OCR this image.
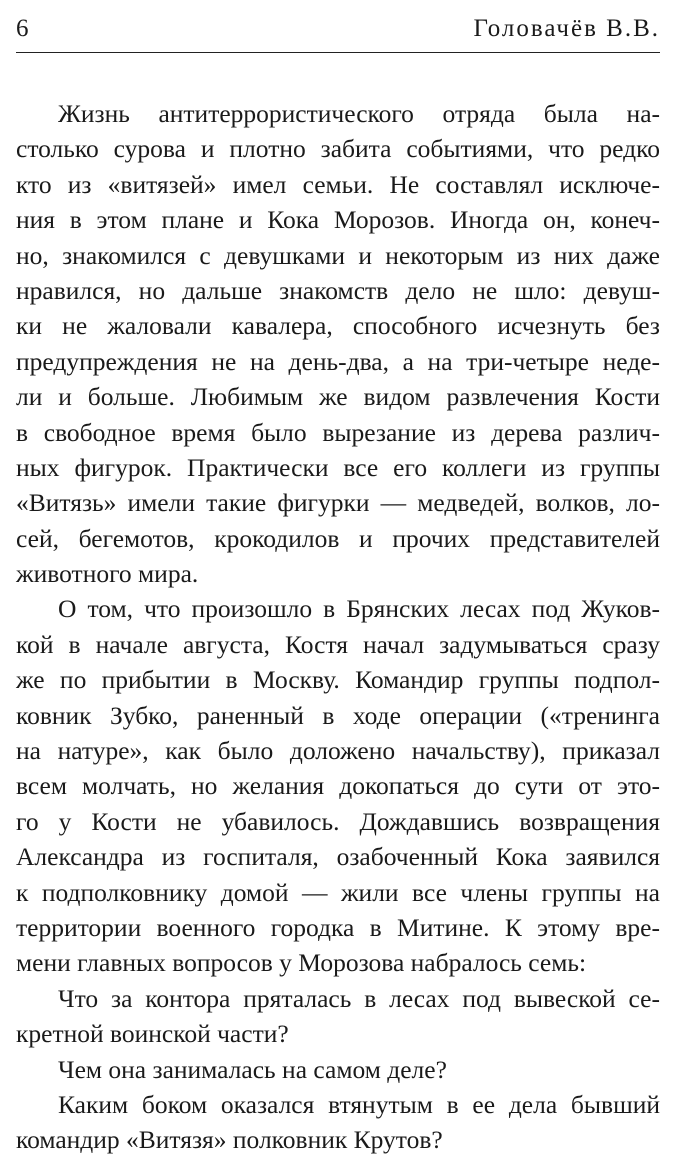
6	Головачёв В.В.
Жизнь антитеррористического отряда была на-
столько сурова и плотно забита событиями, что редко
кто из «витязей» имел семьи. Не составлял исключе-
ния в этом плане и Кока Морозов. Иногда он, конеч-
но, знакомился с девушками и некоторым из них даже
нравился, но дальше знакомств дело не шло: девуш-
ки не жаловали кавалера, способного исчезнуть без
предупреждения не на день-два, а на три-четыре неде-
ли и больше. Любимым же видом развлечения Кости
в свободное время было вырезание из дерева различ-
ных фигурок. Практически все его коллеги из группы
«Витязь» имели такие фигурки — медведей, волков, ло-
сей, бегемотов, крокодилов и прочих представителей
животного мира.
О том, что произошло в Брянских лесах под Жуков-
кой в начале августа, Костя начал задумываться сразу
же по прибытии в Москву. Командир группы подпол-
ковник Зубко, раненный в ходе операции («тренинга
на натуре», как было доложено начальству), приказал
всем молчать, но желания докопаться до сути от это-
го у Кости не убавилось. Дождавшись возвращения
Александра из госпиталя, озабоченный Кока заявился
к подполковнику домой — жили все члены группы на
территории военного городка в Митине. К этому вре-
мени главных вопросов у Морозова набралось семь:
Что за контора пряталась в лесах под вывеской се-
кретной воинской части?
Чем она занималась на самом деле?
Каким боком оказался втянутым в ее дела бывший
командир «Витязя» полковник Крутов?
